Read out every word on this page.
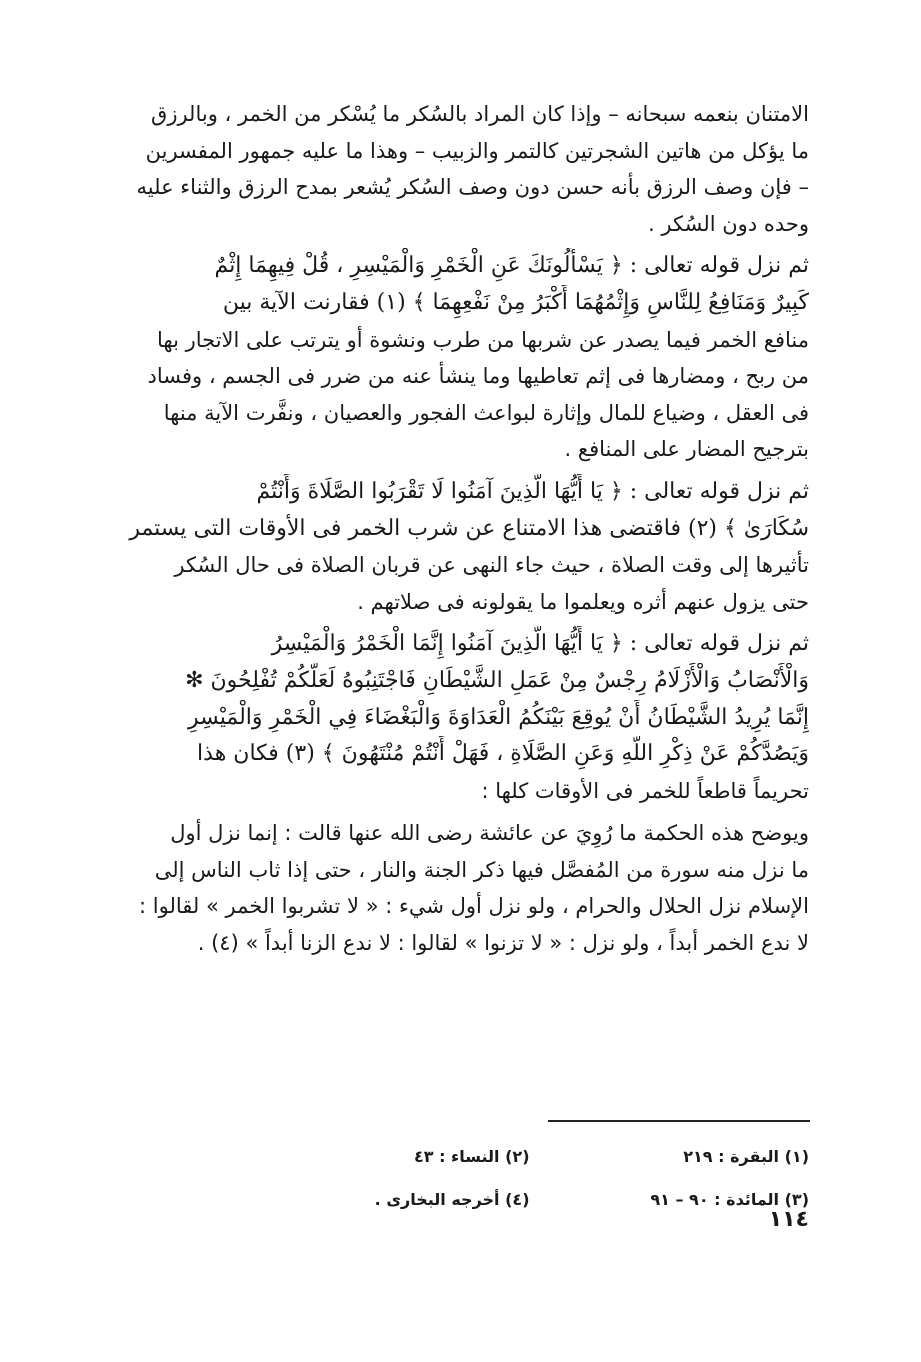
الامتنان بنعمه سبحانه – وإذا كان المراد بالسُكر ما يُسْكر من الخمر ، وبالرزق
ما يؤكل من هاتين الشجرتين كالتمر والزبيب – وهذا ما عليه جمهور المفسرين
– فإن وصف الرزق بأنه حسن دون وصف السُكر يُشعر بمدح الرزق والثناء عليه
وحده دون السُكر .
ثم نزل قوله تعالى : ﴿ يَسْأَلُونَكَ عَنِ الْخَمْرِ وَالْمَيْسِرِ ، قُلْ فِيهِمَا إِثْمٌ
كَبِيرٌ وَمَنَافِعُ لِلنَّاسِ وَإِثْمُهُمَا أَكْبَرُ مِنْ نَفْعِهِمَا ﴾ (١) فقارنت الآية بين
منافع الخمر فيما يصدر عن شربها من طرب ونشوة أو يترتب على الاتجار بها
من ربح ، ومضارها فى إثم تعاطيها وما ينشأ عنه من ضرر فى الجسم ، وفساد
فى العقل ، وضياع للمال وإثارة لبواعث الفجور والعصيان ، ونفَّرت الآية منها
بترجيح المضار على المنافع .
ثم نزل قوله تعالى : ﴿ يَا أَيُّهَا الَّذِينَ آمَنُوا لَا تَقْرَبُوا الصَّلَاةَ وَأَنْتُمْ
سُكَارَىٰ ﴾ (٢) فاقتضى هذا الامتناع عن شرب الخمر فى الأوقات التى يستمر
تأثيرها إلى وقت الصلاة ، حيث جاء النهى عن قربان الصلاة فى حال السُكر
حتى يزول عنهم أثره ويعلموا ما يقولونه فى صلاتهم .
ثم نزل قوله تعالى : ﴿ يَا أَيُّهَا الَّذِينَ آمَنُوا إِنَّمَا الْخَمْرُ وَالْمَيْسِرُ
وَالْأَنْصَابُ وَالْأَزْلَامُ رِجْسٌ مِنْ عَمَلِ الشَّيْطَانِ فَاجْتَنِبُوهُ لَعَلَّكُمْ تُفْلِحُونَ ✻
إِنَّمَا يُرِيدُ الشَّيْطَانُ أَنْ يُوقِعَ بَيْنَكُمُ الْعَدَاوَةَ وَالْبَغْضَاءَ فِي الْخَمْرِ وَالْمَيْسِرِ
وَيَصُدَّكُمْ عَنْ ذِكْرِ اللَّهِ وَعَنِ الصَّلَاةِ ، فَهَلْ أَنْتُمْ مُنْتَهُونَ ﴾ (٣) فكان هذا
تحريماً قاطعاً للخمر فى الأوقات كلها :
ويوضح هذه الحكمة ما رُوِيَ عن عائشة رضى الله عنها قالت : إنما نزل أول
ما نزل منه سورة من المُفصَّل فيها ذكر الجنة والنار ، حتى إذا ثاب الناس إلى
الإسلام نزل الحلال والحرام ، ولو نزل أول شيء : « لا تشربوا الخمر » لقالوا :
لا ندع الخمر أبداً ، ولو نزل : « لا تزنوا » لقالوا : لا ندع الزنا أبداً » (٤) .
(١) البقرة : ٢١٩
(٢) النساء : ٤٣
(٣) المائدة : ٩٠ – ٩١
(٤) أخرجه البخارى .
١١٤
